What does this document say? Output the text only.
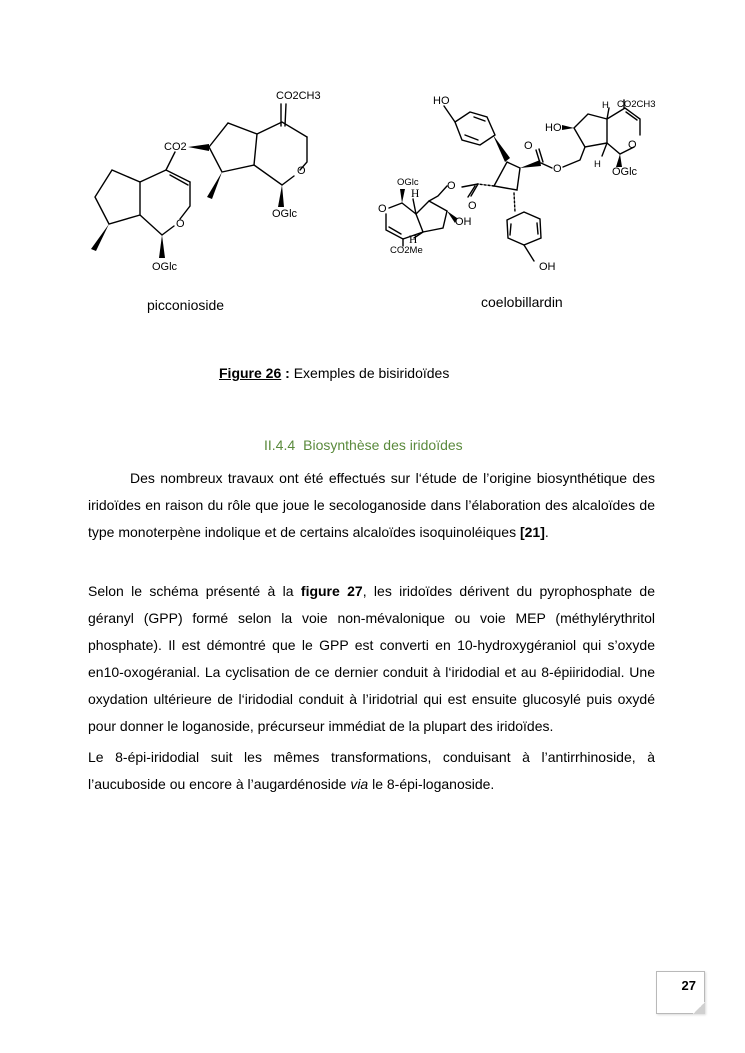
O
OGlc
CO2
O
OGlc
CO2CH3	HO
OH
O
O
HO
H CO2CH3
O
OGlc
H
O
O
OH
H
OGlc
O
H
CO2Me
picconioside	coelobillardin
Figure 26 : Exemples de bisiridoïdes
II.4.4 Biosynthèse des iridoïdes

Des nombreux travaux ont été effectués sur l‘étude de l’origine biosynthétique des iridoïdes en raison du rôle que joue le secologanoside dans l’élaboration des alcaloïdes de type monoterpène indolique et de certains alcaloïdes isoquinoléiques [21].

Selon le schéma présenté à la figure 27, les iridoïdes dérivent du pyrophosphate de géranyl (GPP) formé selon la voie non-mévalonique ou voie MEP (méthylérythritol phosphate). Il est démontré que le GPP est converti en 10-hydroxygéraniol qui s’oxyde en10-oxogéranial. La cyclisation de ce dernier conduit à l‘iridodial et au 8-épiiridodial. Une oxydation ultérieure de l‘iridodial conduit à l’iridotrial qui est ensuite glucosylé puis oxydé pour donner le loganoside, précurseur immédiat de la plupart des iridoïdes.

Le 8-épi-iridodial suit les mêmes transformations, conduisant à l’antirrhinoside, à l’aucuboside ou encore à l’augardénoside via le 8-épi-loganoside.

27
